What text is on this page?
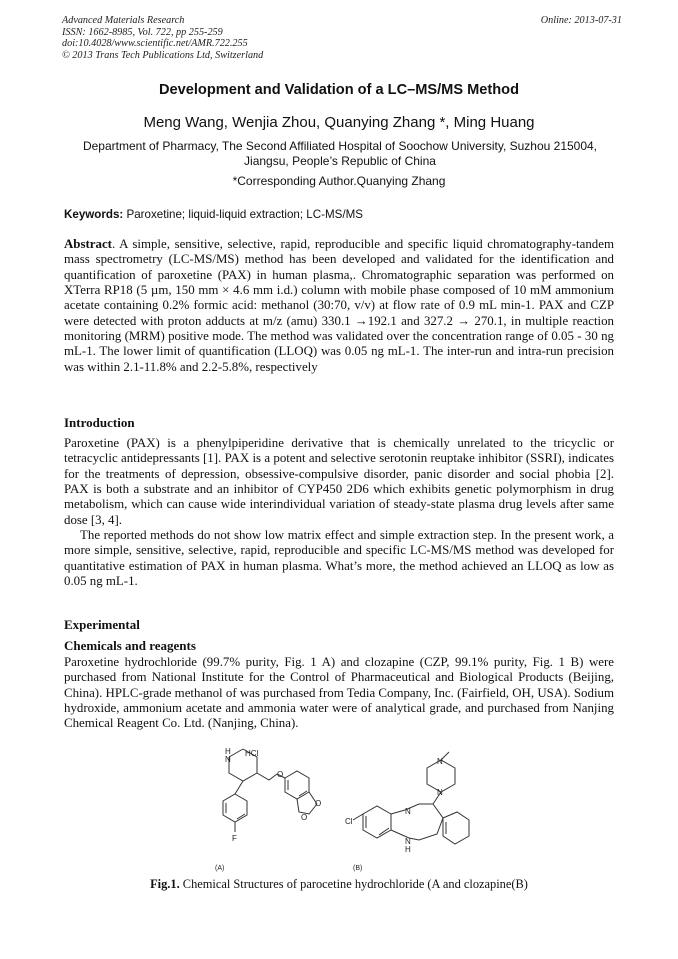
Advanced Materials Research
ISSN: 1662-8985, Vol. 722, pp 255-259
doi:10.4028/www.scientific.net/AMR.722.255
© 2013 Trans Tech Publications Ltd, Switzerland
Online: 2013-07-31
Development and Validation of a LC–MS/MS Method
Meng Wang, Wenjia Zhou, Quanying Zhang *, Ming Huang
Department of Pharmacy, The Second Affiliated Hospital of Soochow University, Suzhou 215004, Jiangsu, People’s Republic of China
*Corresponding Author.Quanying Zhang
Keywords: Paroxetine; liquid-liquid extraction; LC-MS/MS
Abstract. A simple, sensitive, selective, rapid, reproducible and specific liquid chromatography-tandem mass spectrometry (LC-MS/MS) method has been developed and validated for the identification and quantification of paroxetine (PAX) in human plasma,. Chromatographic separation was performed on XTerra RP18 (5 µm, 150 mm × 4.6 mm i.d.) column with mobile phase composed of 10 mM ammonium acetate containing 0.2% formic acid: methanol (30:70, v/v) at flow rate of 0.9 mL min-1. PAX and CZP were detected with proton adducts at m/z (amu) 330.1 →192.1 and 327.2 → 270.1, in multiple reaction monitoring (MRM) positive mode. The method was validated over the concentration range of 0.05 - 30 ng mL-1. The lower limit of quantification (LLOQ) was 0.05 ng mL-1. The inter-run and intra-run precision was within 2.1-11.8% and 2.2-5.8%, respectively
Introduction

Paroxetine (PAX) is a phenylpiperidine derivative that is chemically unrelated to the tricyclic or tetracyclic antidepressants [1]. PAX is a potent and selective serotonin reuptake inhibitor (SSRI), indicates for the treatments of depression, obsessive-compulsive disorder, panic disorder and social phobia [2]. PAX is both a substrate and an inhibitor of CYP450 2D6 which exhibits genetic polymorphism in drug metabolism, which can cause wide interindividual variation of steady-state plasma drug levels after same dose [3, 4].

The reported methods do not show low matrix effect and simple extraction step. In the present work, a more simple, sensitive, selective, rapid, reproducible and specific LC-MS/MS method was developed for quantitative estimation of PAX in human plasma. What’s more, the method achieved an LLOQ as low as 0.05 ng mL-1.

Experimental
Chemicals and reagents
Paroxetine hydrochloride (99.7% purity, Fig. 1 A) and clozapine (CZP, 99.1% purity, Fig. 1 B) were purchased from National Institute for the Control of Pharmaceutical and Biological Products (Beijing, China). HPLC-grade methanol of was purchased from Tedia Company, Inc. (Fairfield, OH, USA). Sodium hydroxide, ammonium acetate and ammonia water were of analytical grade, and purchased from Nanjing Chemical Reagent Co. Ltd. (Nanjing, China).
H
N
HCl
O
O
O
F
N
N
N
Cl
N
H
(A)	(B)
Fig.1. Chemical Structures of parocetine hydrochloride (A and clozapine(B)
